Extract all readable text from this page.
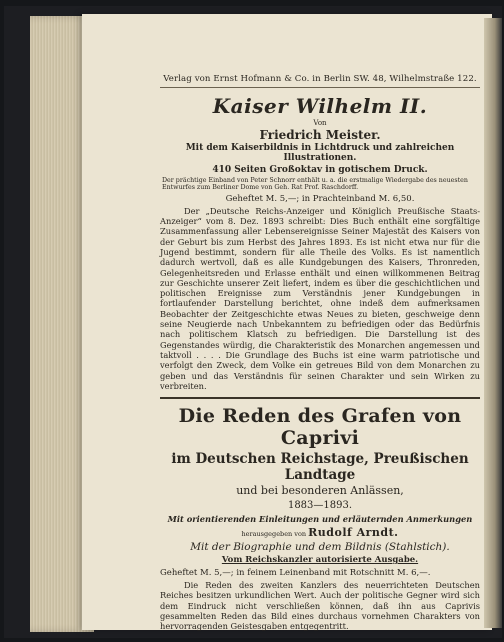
Verlag von Ernst Hofmann & Co. in Berlin SW. 48, Wilhelmstraße 122.
Kaiser Wilhelm II.
Von
Friedrich Meister.
Mit dem Kaiserbildnis in Lichtdruck und zahlreichen Illustrationen.
410 Seiten Großoktav in gotischem Druck.
Der prächtige Einband von Peter Schnorr enthält u. a. die erstmalige Wiedergabe des neuesten Entwurfes zum Berliner Dome von Geh. Rat Prof. Raschdorff.
Geheftet M. 5,—; in Prachteinband M. 6,50.

Der „Deutsche Reichs-Anzeiger und Königlich Preußische Staats-Anzeiger“ vom 8. Dez. 1893 schreibt: Dies Buch enthält eine sorgfältige Zusammenfassung aller Lebensereignisse Seiner Majestät des Kaisers von der Geburt bis zum Herbst des Jahres 1893. Es ist nicht etwa nur für die Jugend bestimmt, sondern für alle Theile des Volks. Es ist namentlich dadurch wertvoll, daß es alle Kundgebungen des Kaisers, Thronreden, Gelegenheitsreden und Erlasse enthält und einen willkommenen Beitrag zur Geschichte unserer Zeit liefert, indem es über die geschichtlichen und politischen Ereignisse zum Verständnis jener Kundgebungen in fortlaufender Darstellung berichtet, ohne indeß dem aufmerksamen Beobachter der Zeitgeschichte etwas Neues zu bieten, geschweige denn seine Neugierde nach Unbekanntem zu befriedigen oder das Bedürfnis nach politischem Klatsch zu befriedigen. Die Darstellung ist des Gegenstandes würdig, die Charakteristik des Monarchen angemessen und taktvoll . . . . Die Grundlage des Buchs ist eine warm patriotische und verfolgt den Zweck, dem Volke ein getreues Bild von dem Monarchen zu geben und das Verständnis für seinen Charakter und sein Wirken zu verbreiten.

Die Reden des Grafen von Caprivi
im Deutschen Reichstage, Preußischen Landtage
und bei besonderen Anlässen,
1883—1893.
Mit orientierenden Einleitungen und erläuternden Anmerkungen
herausgegeben von Rudolf Arndt.
Mit der Biographie und dem Bildnis (Stahlstich).
Vom Reichskanzler autorisierte Ausgabe.
Geheftet M. 5,—; in feinem Leinenband mit Rotschnitt M. 6,—.

Die Reden des zweiten Kanzlers des neuerrichteten Deutschen Reiches besitzen urkundlichen Wert. Auch der politische Gegner wird sich dem Eindruck nicht verschließen können, daß ihn aus Caprivis gesammelten Reden das Bild eines durchaus vornehmen Charakters von hervorragenden Geistesgaben entgegentritt.
